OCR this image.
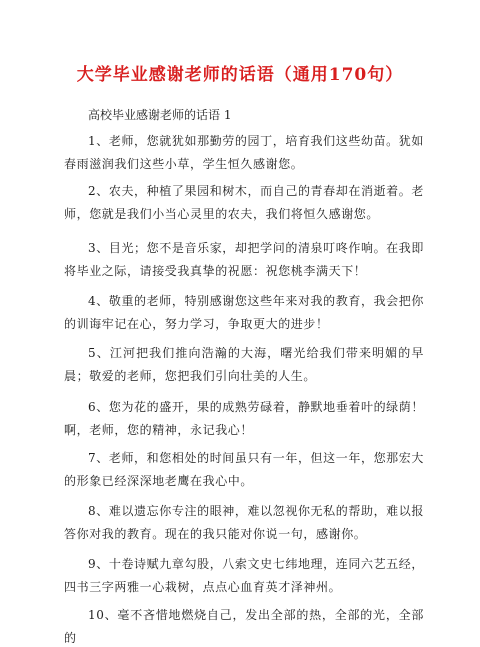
大学毕业感谢老师的话语（通用170句）
高校毕业感谢老师的话语 1

1、老师，您就犹如那勤劳的园丁，培育我们这些幼苗。犹如春雨滋润我们这些小草，学生恒久感谢您。

2、农夫，种植了果园和树木，而自己的青春却在消逝着。老师，您就是我们小当心灵里的农夫，我们将恒久感谢您。

3、目光；您不是音乐家，却把学问的清泉叮咚作响。在我即将毕业之际，请接受我真挚的祝愿：祝您桃李满天下！

4、敬重的老师，特别感谢您这些年来对我的教育，我会把你的训诲牢记在心，努力学习，争取更大的进步！

5、江河把我们推向浩瀚的大海，曙光给我们带来明媚的早晨；敬爱的老师，您把我们引向壮美的人生。

6、您为花的盛开，果的成熟劳碌着，静默地垂着叶的绿荫！啊，老师，您的精神，永记我心！

7、老师，和您相处的时间虽只有一年，但这一年，您那宏大的形象已经深深地老鹰在我心中。

8、难以遗忘你专注的眼神，难以忽视你无私的帮助，难以报答你对我的教育。现在的我只能对你说一句，感谢你。

9、十卷诗赋九章勾股，八索文史七纬地理，连同六艺五经，四书三字两雅一心栽树，点点心血育英才泽神州。

10、毫不吝惜地燃烧自己，发出全部的热，全部的光，全部的
